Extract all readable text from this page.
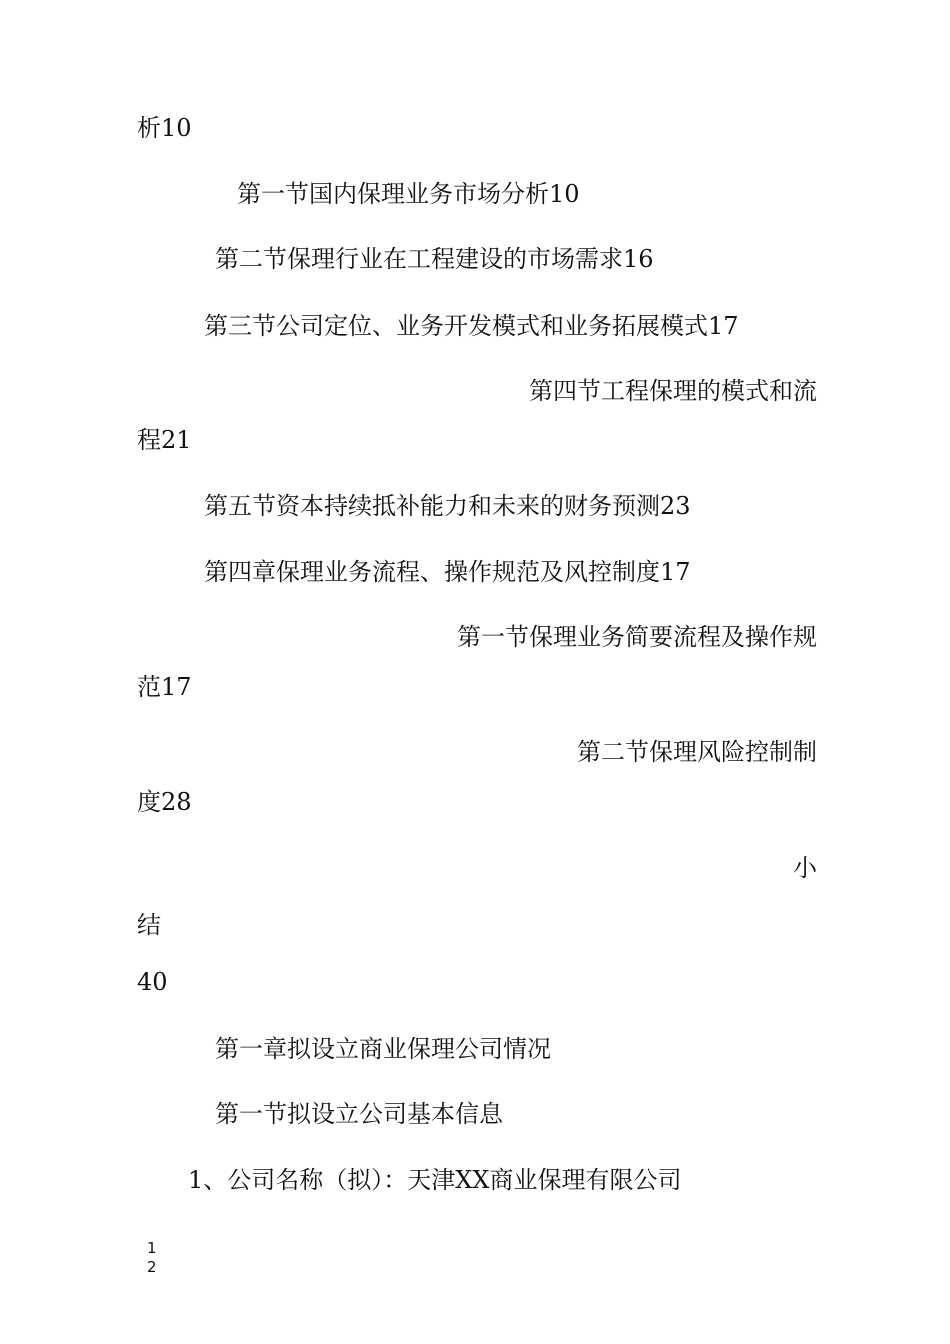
析10
第一节国内保理业务市场分析10
第二节保理行业在工程建设的市场需求16
第三节公司定位、业务开发模式和业务拓展模式17
第四节工程保理的模式和流
程21
第五节资本持续抵补能力和未来的财务预测23
第四章保理业务流程、操作规范及风控制度17
第一节保理业务简要流程及操作规
范17
第二节保理风险控制制
度28
小
结
40
第一章拟设立商业保理公司情况
第一节拟设立公司基本信息
1、公司名称（拟）：天津XX商业保理有限公司
1
2
